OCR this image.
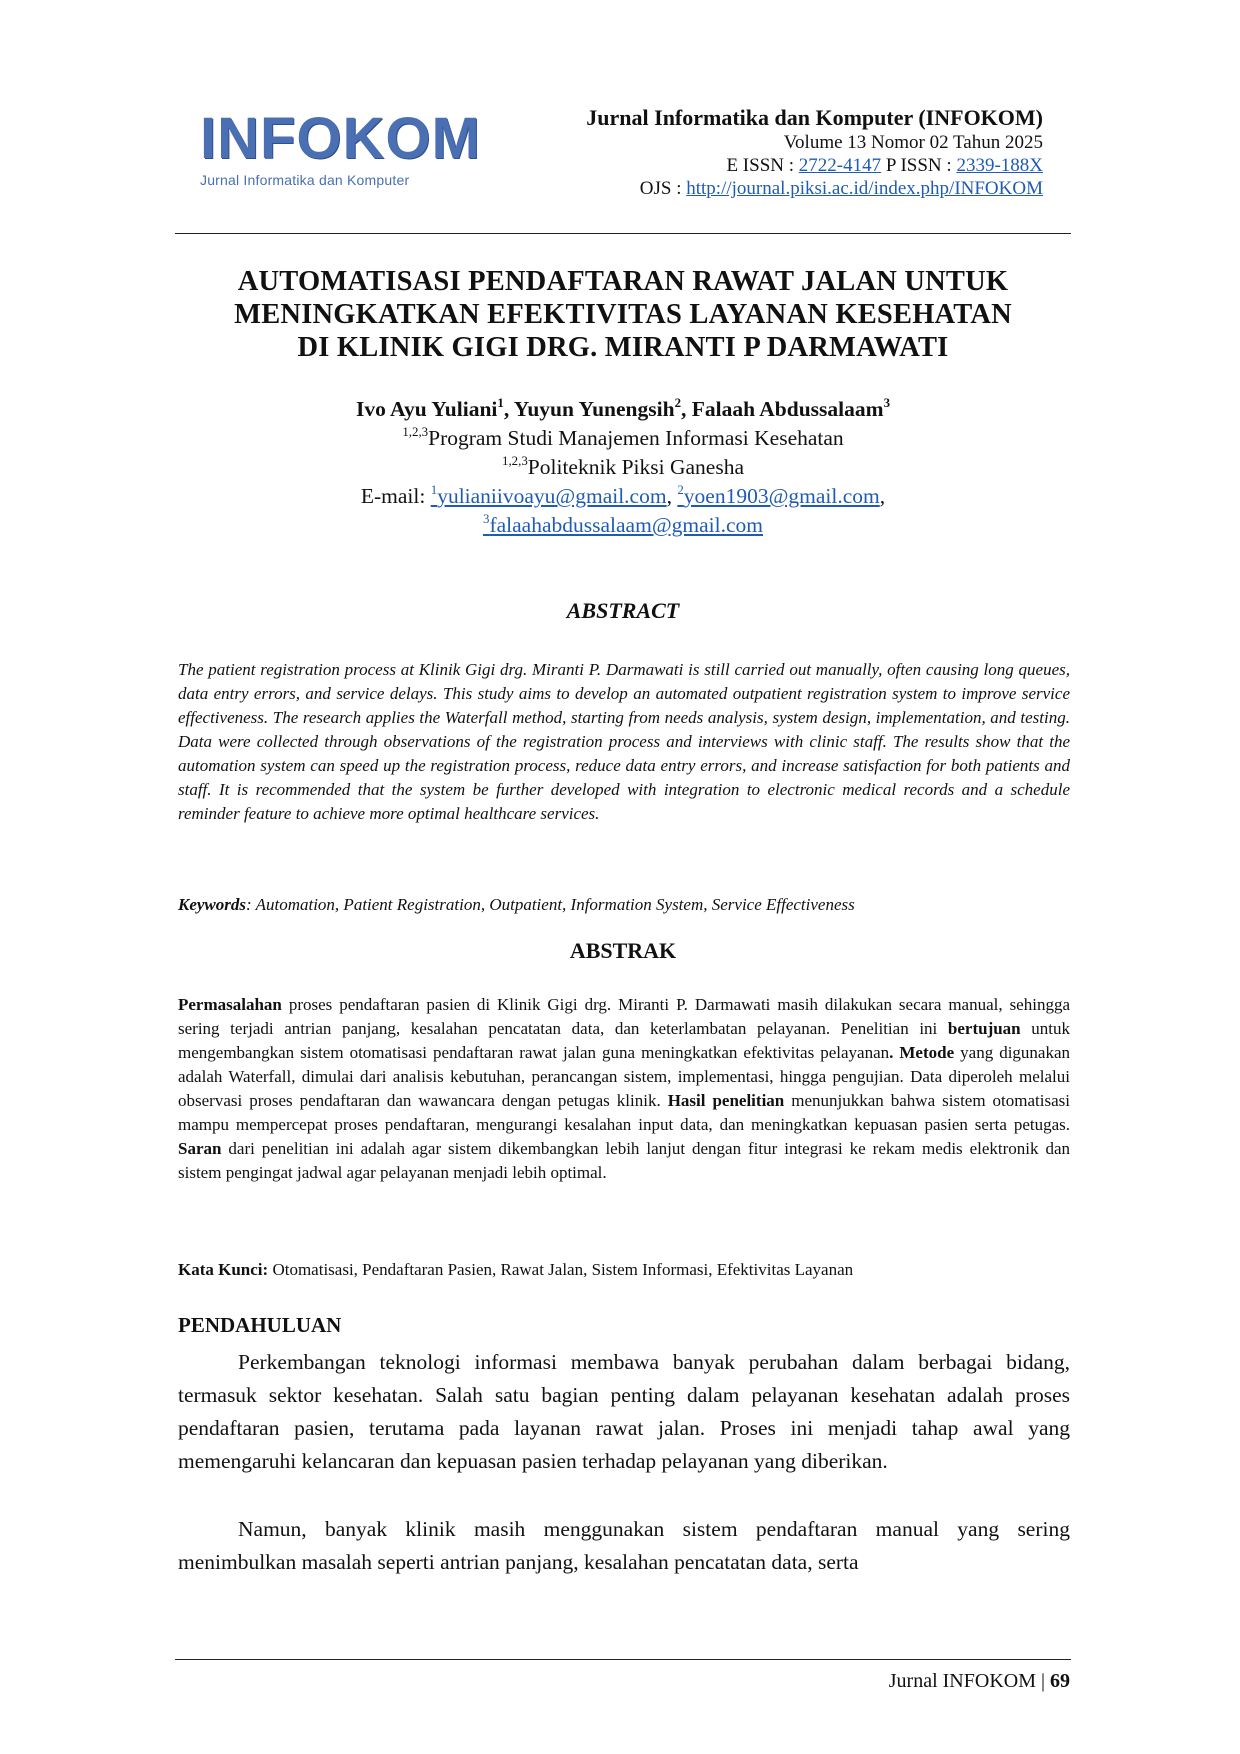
INFOKOM
Jurnal Informatika dan Komputer
Jurnal Informatika dan Komputer (INFOKOM)
Volume 13 Nomor 02 Tahun 2025
E ISSN : 2722-4147 P ISSN : 2339-188X
OJS : http://journal.piksi.ac.id/index.php/INFOKOM
AUTOMATISASI PENDAFTARAN RAWAT JALAN UNTUK
MENINGKATKAN EFEKTIVITAS LAYANAN KESEHATAN
DI KLINIK GIGI DRG. MIRANTI P DARMAWATI
Ivo Ayu Yuliani$^1$, Yuyun Yunengsih$^2$, Falaah Abdussalaam$^3$
$^{1,2,3}$Program Studi Manajemen Informasi Kesehatan
$^{1,2,3}$Politeknik Piksi Ganesha
E-mail: $^1$yulianiivoayu@gmail.com, $^2$yoen1903@gmail.com,
$^3$falaahabdussalaam@gmail.com
ABSTRACT
The patient registration process at Klinik Gigi drg. Miranti P. Darmawati is still carried out manually, often causing long queues, data entry errors, and service delays. This study aims to develop an automated outpatient registration system to improve service effectiveness. The research applies the Waterfall method, starting from needs analysis, system design, implementation, and testing. Data were collected through observations of the registration process and interviews with clinic staff. The results show that the automation system can speed up the registration process, reduce data entry errors, and increase satisfaction for both patients and staff. It is recommended that the system be further developed with integration to electronic medical records and a schedule reminder feature to achieve more optimal healthcare services.
Keywords: Automation, Patient Registration, Outpatient, Information System, Service Effectiveness
ABSTRAK
Permasalahan proses pendaftaran pasien di Klinik Gigi drg. Miranti P. Darmawati masih dilakukan secara manual, sehingga sering terjadi antrian panjang, kesalahan pencatatan data, dan keterlambatan pelayanan. Penelitian ini bertujuan untuk mengembangkan sistem otomatisasi pendaftaran rawat jalan guna meningkatkan efektivitas pelayanan. Metode yang digunakan adalah Waterfall, dimulai dari analisis kebutuhan, perancangan sistem, implementasi, hingga pengujian. Data diperoleh melalui observasi proses pendaftaran dan wawancara dengan petugas klinik. Hasil penelitian menunjukkan bahwa sistem otomatisasi mampu mempercepat proses pendaftaran, mengurangi kesalahan input data, dan meningkatkan kepuasan pasien serta petugas. Saran dari penelitian ini adalah agar sistem dikembangkan lebih lanjut dengan fitur integrasi ke rekam medis elektronik dan sistem pengingat jadwal agar pelayanan menjadi lebih optimal.
Kata Kunci: Otomatisasi, Pendaftaran Pasien, Rawat Jalan, Sistem Informasi, Efektivitas Layanan
PENDAHULUAN
Perkembangan teknologi informasi membawa banyak perubahan dalam berbagai bidang, termasuk sektor kesehatan. Salah satu bagian penting dalam pelayanan kesehatan adalah proses pendaftaran pasien, terutama pada layanan rawat jalan. Proses ini menjadi tahap awal yang memengaruhi kelancaran dan kepuasan pasien terhadap pelayanan yang diberikan.
Namun, banyak klinik masih menggunakan sistem pendaftaran manual yang sering menimbulkan masalah seperti antrian panjang, kesalahan pencatatan data, serta
Jurnal INFOKOM | 69
